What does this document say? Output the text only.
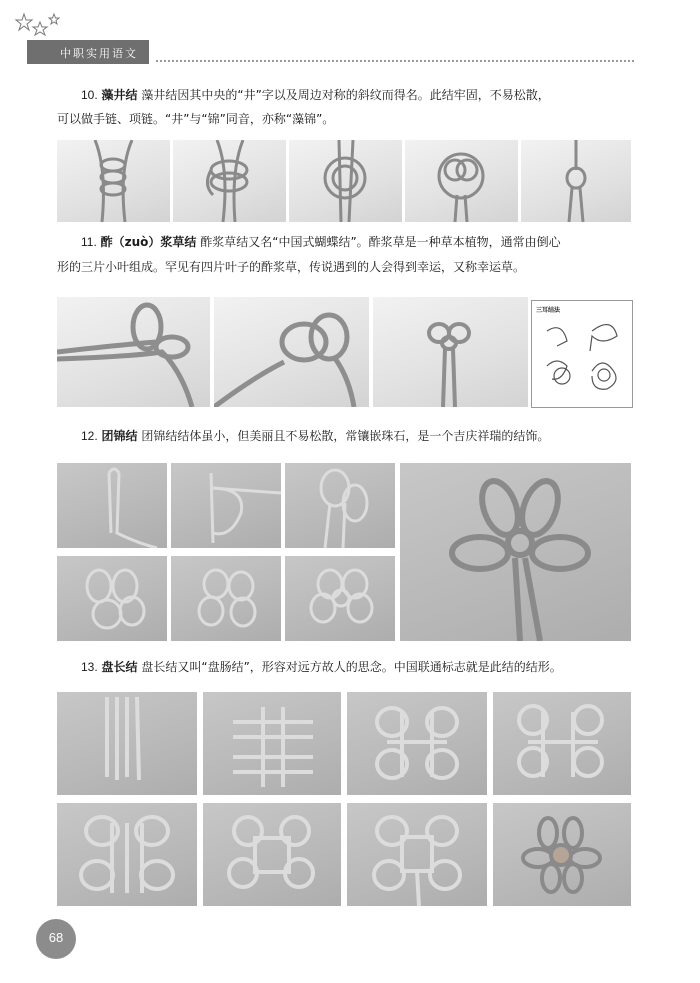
中职实用语文

10. 藻井结 藻井结因其中央的“井”字以及周边对称的斜纹而得名。此结牢固，不易松散，

可以做手链、项链。“井”与“锦”同音，亦称“藻锦”。

11. 酢（zuò）浆草结 酢浆草结又名“中国式蝴蝶结”。酢浆草是一种草本植物，通常由倒心

形的三片小叶组成。罕见有四片叶子的酢浆草，传说遇到的人会得到幸运，又称幸运草。

三耳结法

12. 团锦结 团锦结结体虽小，但美丽且不易松散，常镶嵌珠石，是一个吉庆祥瑞的结饰。

13. 盘长结 盘长结又叫“盘肠结”，形容对远方故人的思念。中国联通标志就是此结的结形。

68
